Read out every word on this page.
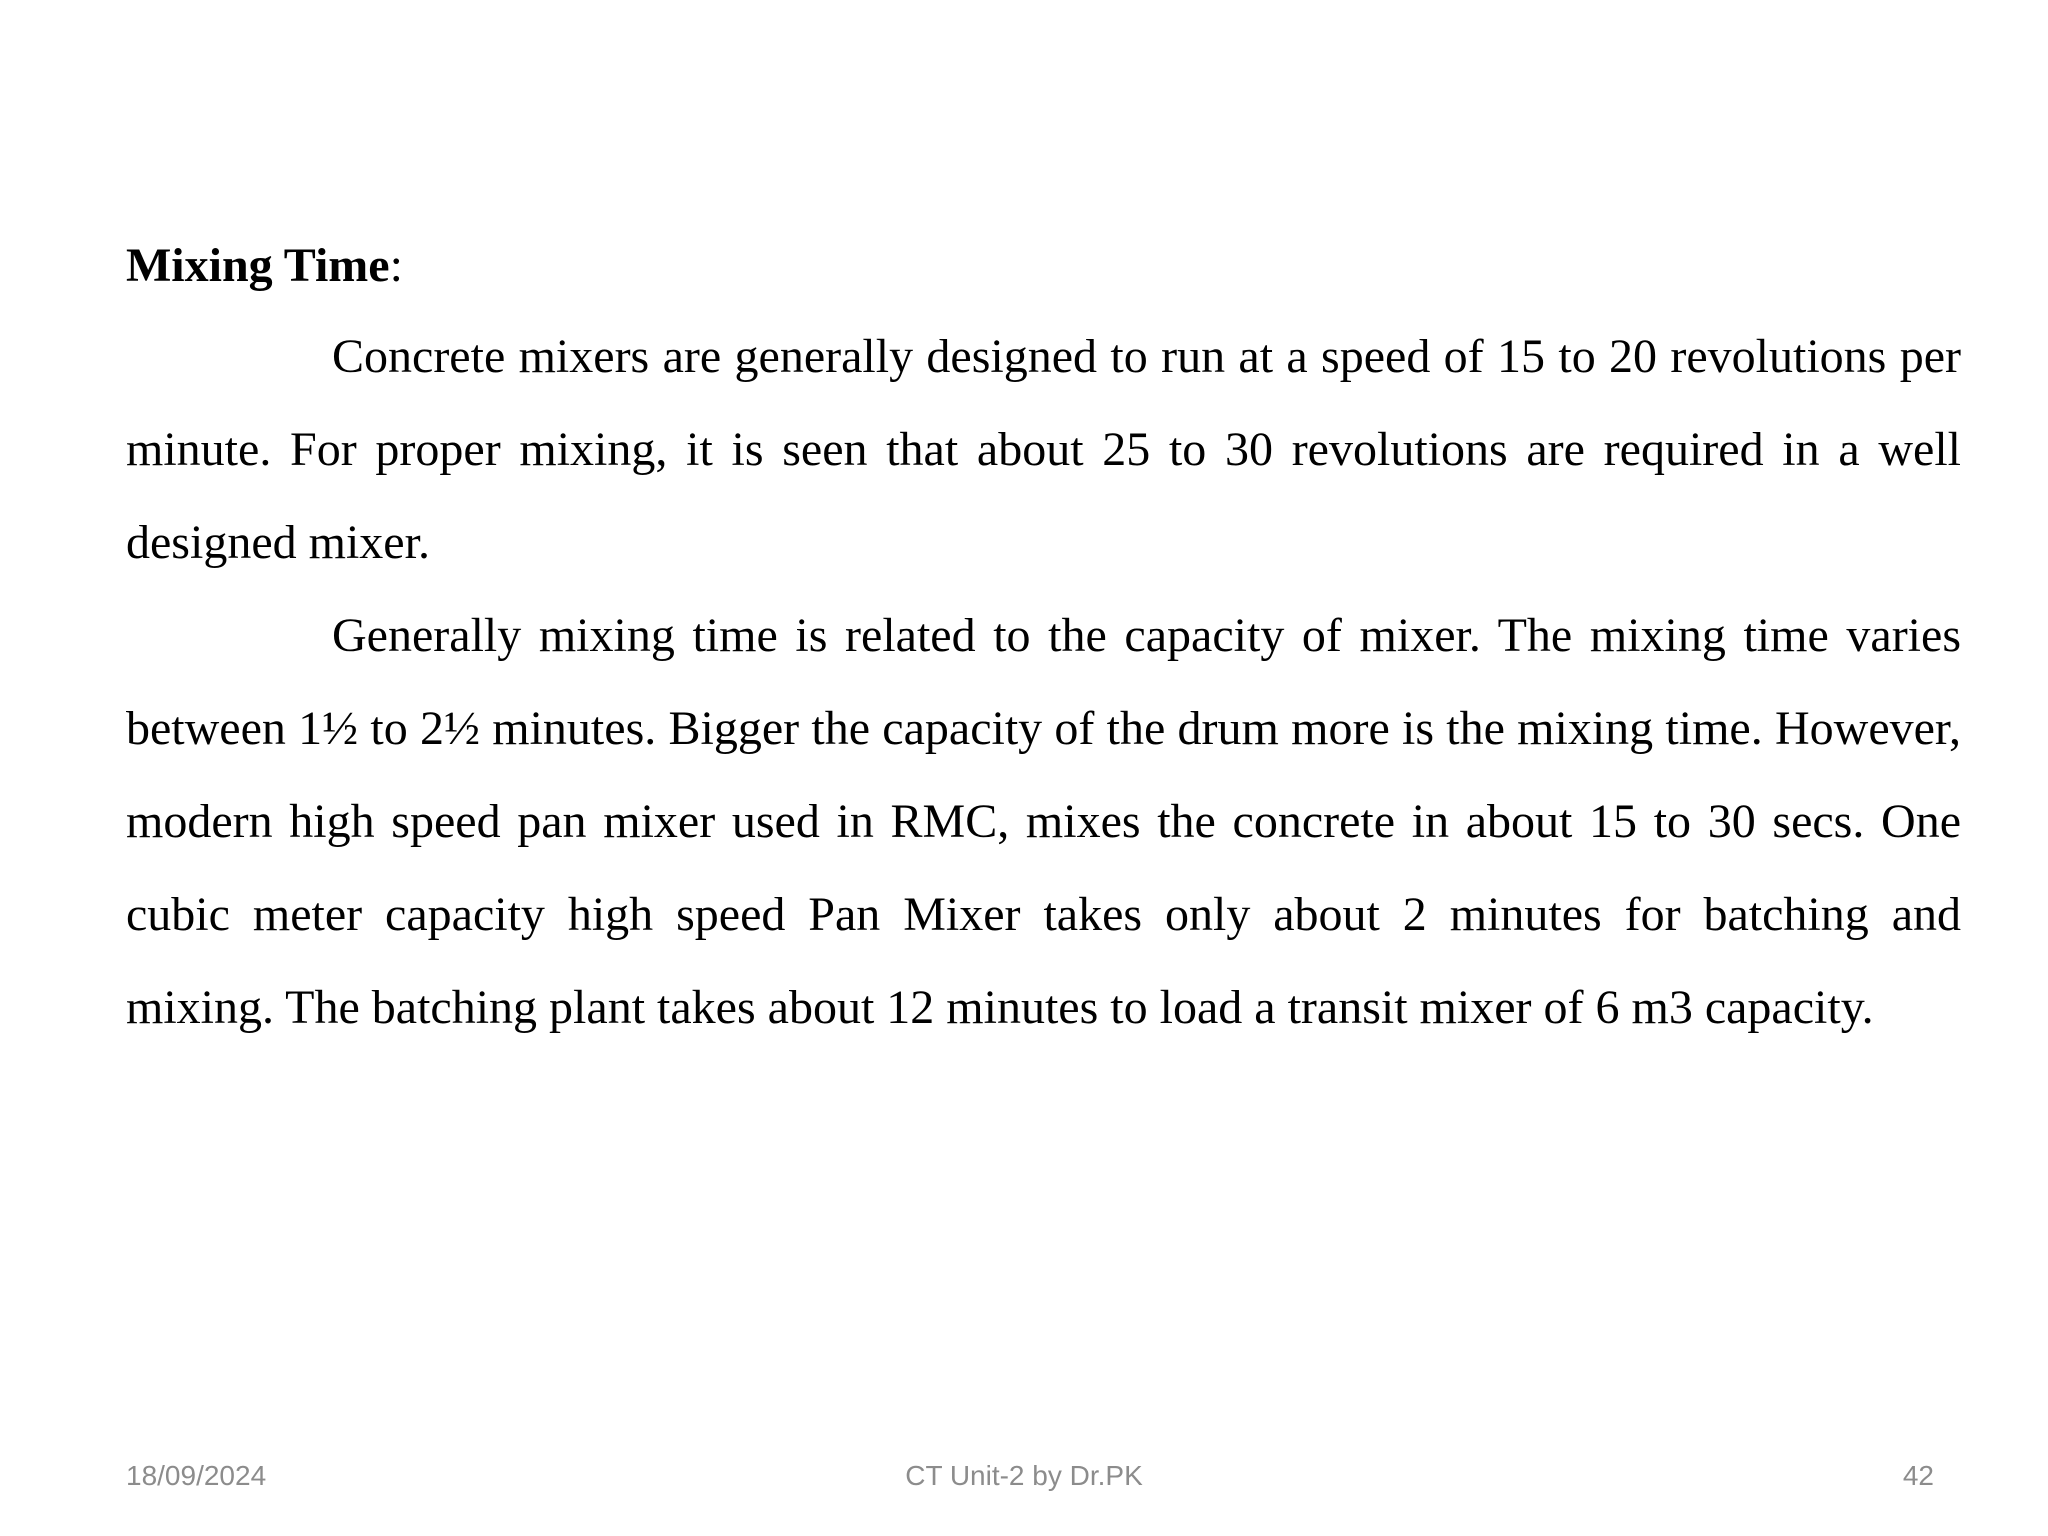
Mixing Time:

Concrete mixers are generally designed to run at a speed of 15 to 20 revolutions per minute. For proper mixing, it is seen that about 25 to 30 revolutions are required in a well designed mixer.

Generally mixing time is related to the capacity of mixer. The mixing time varies between 1½ to 2½ minutes. Bigger the capacity of the drum more is the mixing time. However, modern high speed pan mixer used in RMC, mixes the concrete in about 15 to 30 secs. One cubic meter capacity high speed Pan Mixer takes only about 2 minutes for batching and mixing. The batching plant takes about 12 minutes to load a transit mixer of 6 m3 capacity.

18/09/2024	CT Unit-2 by Dr.PK	42
